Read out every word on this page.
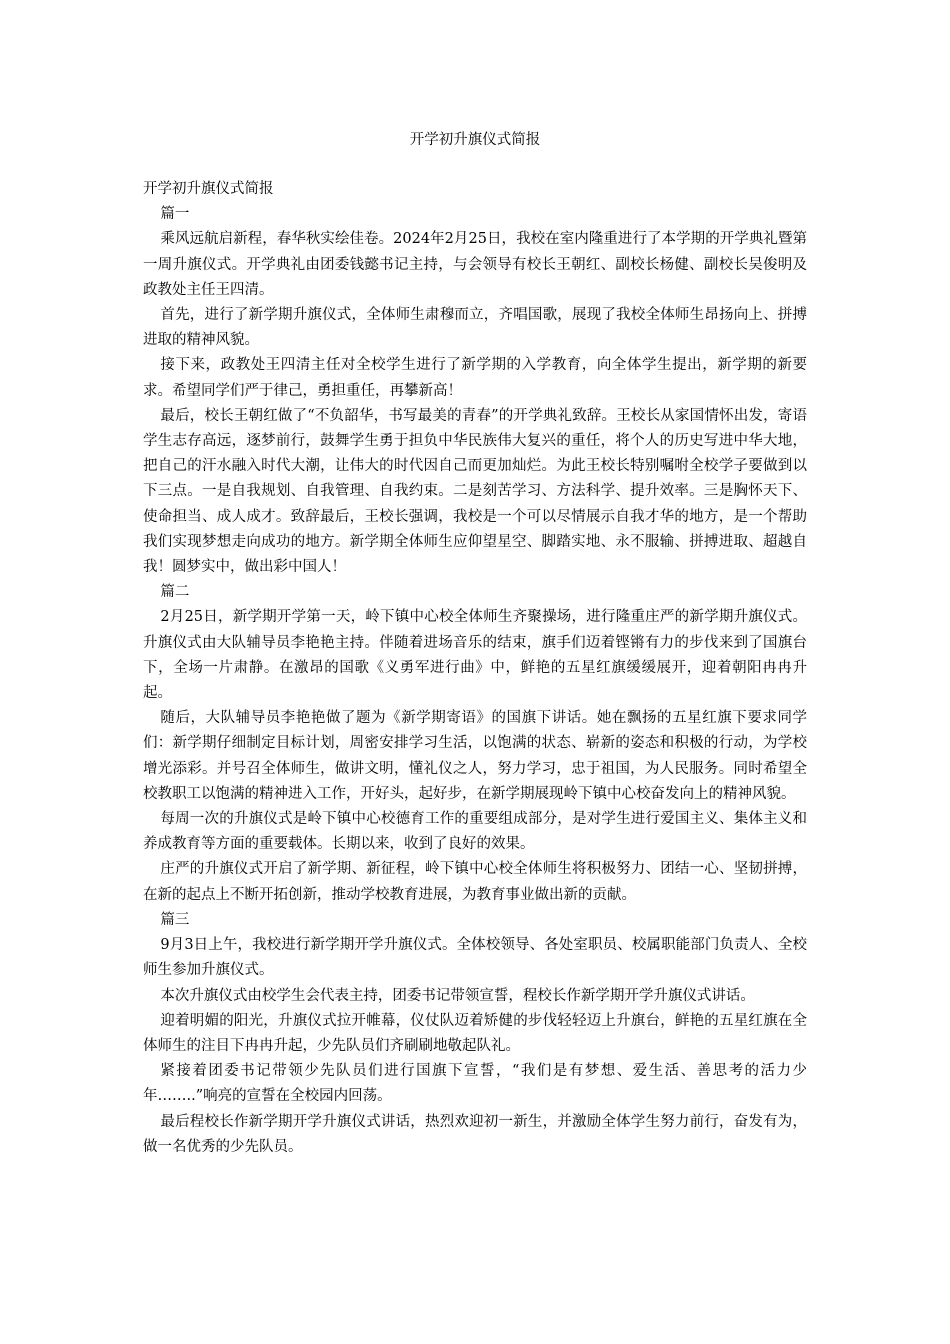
开学初升旗仪式简报

开学初升旗仪式简报

篇一

乘风远航启新程，春华秋实绘佳卷。2024年2月25日，我校在室内隆重进行了本学期的开学典礼暨第一周升旗仪式。开学典礼由团委钱懿书记主持，与会领导有校长王朝红、副校长杨健、副校长吴俊明及政教处主任王四清。

首先，进行了新学期升旗仪式，全体师生肃穆而立，齐唱国歌，展现了我校全体师生昂扬向上、拼搏进取的精神风貌。

接下来，政教处王四清主任对全校学生进行了新学期的入学教育，向全体学生提出，新学期的新要求。希望同学们严于律己，勇担重任，再攀新高！

最后，校长王朝红做了“不负韶华，书写最美的青春”的开学典礼致辞。王校长从家国情怀出发，寄语学生志存高远，逐梦前行，鼓舞学生勇于担负中华民族伟大复兴的重任，将个人的历史写进中华大地，把自己的汗水融入时代大潮，让伟大的时代因自己而更加灿烂。为此王校长特别嘱咐全校学子要做到以下三点。一是自我规划、自我管理、自我约束。二是刻苦学习、方法科学、提升效率。三是胸怀天下、使命担当、成人成才。致辞最后，王校长强调，我校是一个可以尽情展示自我才华的地方，是一个帮助我们实现梦想走向成功的地方。新学期全体师生应仰望星空、脚踏实地、永不服输、拼搏进取、超越自我！圆梦实中，做出彩中国人！

篇二

2月25日，新学期开学第一天，岭下镇中心校全体师生齐聚操场，进行隆重庄严的新学期升旗仪式。升旗仪式由大队辅导员李艳艳主持。伴随着进场音乐的结束，旗手们迈着铿锵有力的步伐来到了国旗台下，全场一片肃静。在激昂的国歌《义勇军进行曲》中，鲜艳的五星红旗缓缓展开，迎着朝阳冉冉升起。

随后，大队辅导员李艳艳做了题为《新学期寄语》的国旗下讲话。她在飘扬的五星红旗下要求同学们：新学期仔细制定目标计划，周密安排学习生活，以饱满的状态、崭新的姿态和积极的行动，为学校增光添彩。并号召全体师生，做讲文明，懂礼仪之人，努力学习，忠于祖国，为人民服务。同时希望全校教职工以饱满的精神进入工作，开好头，起好步，在新学期展现岭下镇中心校奋发向上的精神风貌。

每周一次的升旗仪式是岭下镇中心校德育工作的重要组成部分，是对学生进行爱国主义、集体主义和养成教育等方面的重要载体。长期以来，收到了良好的效果。

庄严的升旗仪式开启了新学期、新征程，岭下镇中心校全体师生将积极努力、团结一心、坚韧拼搏，在新的起点上不断开拓创新，推动学校教育进展，为教育事业做出新的贡献。

篇三

9月3日上午，我校进行新学期开学升旗仪式。全体校领导、各处室职员、校属职能部门负责人、全校师生参加升旗仪式。

本次升旗仪式由校学生会代表主持，团委书记带领宣誓，程校长作新学期开学升旗仪式讲话。

迎着明媚的阳光，升旗仪式拉开帷幕，仪仗队迈着矫健的步伐轻轻迈上升旗台，鲜艳的五星红旗在全体师生的注目下冉冉升起，少先队员们齐刷刷地敬起队礼。

紧接着团委书记带领少先队员们进行国旗下宣誓，“我们是有梦想、爱生活、善思考的活力少年……..”响亮的宣誓在全校园内回荡。

最后程校长作新学期开学升旗仪式讲话，热烈欢迎初一新生，并激励全体学生努力前行，奋发有为，做一名优秀的少先队员。
